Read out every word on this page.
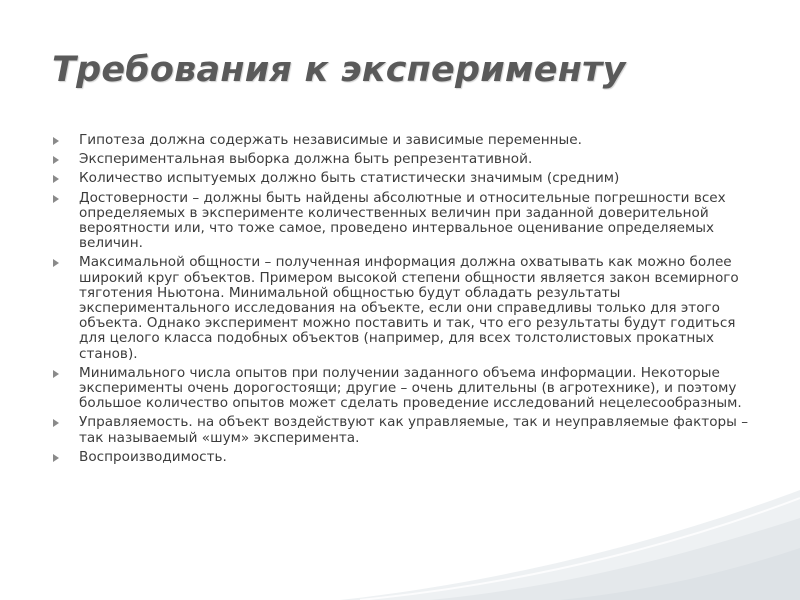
Требования к эксперименту
Гипотеза должна содержать независимые и зависимые переменные.
Экспериментальная выборка должна быть репрезентативной.
Количество испытуемых должно быть статистически значимым (средним)
Достоверности – должны быть найдены абсолютные и относительные погрешности всех определяемых в эксперименте количественных величин при заданной доверительной вероятности или, что тоже самое, проведено интервальное оценивание определяемых величин.
Максимальной общности – полученная информация должна охватывать как можно более широкий круг объектов. Примером высокой степени общности является закон всемирного тяготения Ньютона. Минимальной общностью будут обладать результаты экспериментального исследования на объекте, если они справедливы только для этого объекта. Однако эксперимент можно поставить и так, что его результаты будут годиться для целого класса подобных объектов (например, для всех толстолистовых прокатных станов).
Минимального числа опытов при получении заданного объема информации. Некоторые эксперименты очень дорогостоящи; другие – очень длительны (в агротехнике), и поэтому большое количество опытов может сделать проведение исследований нецелесообразным.
Управляемость. на объект воздействуют как управляемые, так и неуправляемые факторы – так называемый «шум» эксперимента.
Воспроизводимость.
